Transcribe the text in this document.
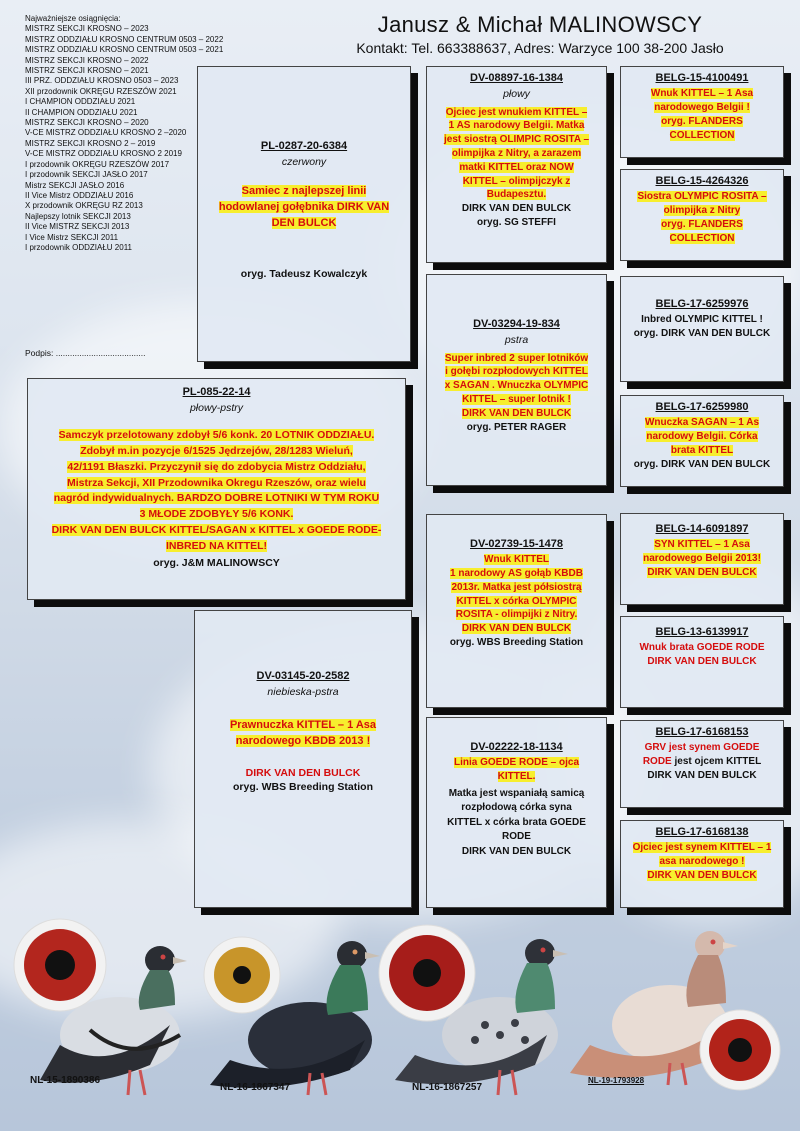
Janusz & Michał MALINOWSCY
Kontakt: Tel. 663388637, Adres: Warzyce 100 38-200 Jasło
Najważniejsze osiągnięcia:
MISTRZ SEKCJI KROSNO – 2023
MISTRZ ODDZIAŁU KROSNO CENTRUM 0503 – 2022
MISTRZ ODDZIAŁU KROSNO CENTRUM 0503 – 2021
MISTRZ SEKCJI KROSNO – 2022
MISTRZ SEKCJI KROSNO – 2021
III PRZ. ODDZIAŁU KROSNO 0503 – 2023
XII przodownik OKRĘGU RZESZÓW 2021
I CHAMPION ODDZIAŁU 2021
II CHAMPION ODDZIAŁU 2021
MISTRZ SEKCJI KROSNO – 2020
V-CE MISTRZ ODDZIAŁU KROSNO 2 –2020
MISTRZ SEKCJI KROSNO 2 – 2019
V-CE MISTRZ ODDZIAŁU KROSNO 2 2019
I przodownik OKRĘGU RZESZÓW 2017
I przodownik SEKCJI JASŁO 2017
Mistrz SEKCJI JASŁO 2016
II Vice Mistrz ODDZIAŁU 2016
X przodownik OKRĘGU RZ 2013
Najlepszy lotnik SEKCJI 2013
II Vice MISTRZ SEKCJI 2013
I Vice Mistrz SEKCJI 2011
I przodownik ODDZIAŁU 2011
Podpis: ......................................
PL-0287-20-6384
czerwony
Samiec z najlepszej linii
hodowlanej gołębnika DIRK VAN
DEN BULCK
oryg. Tadeusz Kowalczyk
PL-085-22-14
płowy-pstry
Samczyk przelotowany zdobył 5/6 konk. 20 LOTNIK ODDZIAŁU.
Zdobył m.in pozycje 6/1525 Jędrzejów, 28/1283 Wieluń,
42/1191 Błaszki. Przyczynił się do zdobycia Mistrz Oddziału,
Mistrza Sekcji, XII Przodownika Okregu Rzeszów, oraz wielu
nagród indywidualnych. BARDZO DOBRE LOTNIKI W TYM ROKU
3 MŁODE ZDOBYŁY 5/6 KONK.
DIRK VAN DEN BULCK KITTEL/SAGAN x KITTEL x GOEDE RODE-
INBRED NA KITTEL!
oryg. J&M MALINOWSCY
DV-03145-20-2582
niebieska-pstra
Prawnuczka KITTEL – 1 Asa
narodowego KBDB 2013 !
DIRK VAN DEN BULCK
oryg. WBS Breeding Station
DV-08897-16-1384
płowy
Ojciec jest wnukiem KITTEL –
1 AS narodowy Belgii. Matka
jest siostrą OLIMPIC ROSITA –
olimpijka z Nitry, a zarazem
matki KITTEL oraz NOW
KITTEL – olimpijczyk z
Budapesztu.
DIRK VAN DEN BULCK
oryg. SG STEFFI
DV-03294-19-834
pstra
Super inbred 2 super lotników
i gołębi rozpłodowych KITTEL
x SAGAN . Wnuczka OLYMPIC
KITTEL – super lotnik !
DIRK VAN DEN BULCK
oryg. PETER RAGER
DV-02739-15-1478
Wnuk KITTEL
1 narodowy AS gołąb KBDB
2013r. Matka jest półsiostrą
KITTEL x córka OLYMPIC
ROSITA - olimpijki z Nitry.
DIRK VAN DEN BULCK
oryg. WBS Breeding Station
DV-02222-18-1134
Linia GOEDE RODE – ojca
KITTEL.
Matka jest wspaniałą samicą
rozpłodową córka syna
KITTEL x córka brata GOEDE
RODE
DIRK VAN DEN BULCK
BELG-15-4100491
Wnuk KITTEL – 1 Asa
narodowego Belgii !
oryg. FLANDERS
COLLECTION
BELG-15-4264326
Siostra OLYMPIC ROSITA –
olimpijka z Nitry
oryg. FLANDERS
COLLECTION
BELG-17-6259976
Inbred OLYMPIC KITTEL !
oryg. DIRK VAN DEN BULCK
BELG-17-6259980
Wnuczka SAGAN – 1 As
narodowy Belgii. Córka
brata KITTEL
oryg. DIRK VAN DEN BULCK
BELG-14-6091897
SYN KITTEL – 1 Asa
narodowego Belgii 2013!
DIRK VAN DEN BULCK
BELG-13-6139917
Wnuk brata GOEDE RODE
DIRK VAN DEN BULCK
BELG-17-6168153
GRV jest synem GOEDE
RODE jest ojcem KITTEL
DIRK VAN DEN BULCK
BELG-17-6168138
Ojciec jest synem KITTEL – 1
asa narodowego !
DIRK VAN DEN BULCK
NL-15-1890386
NL-16-1867347	NL-16-1867257
NL-19-1793928
